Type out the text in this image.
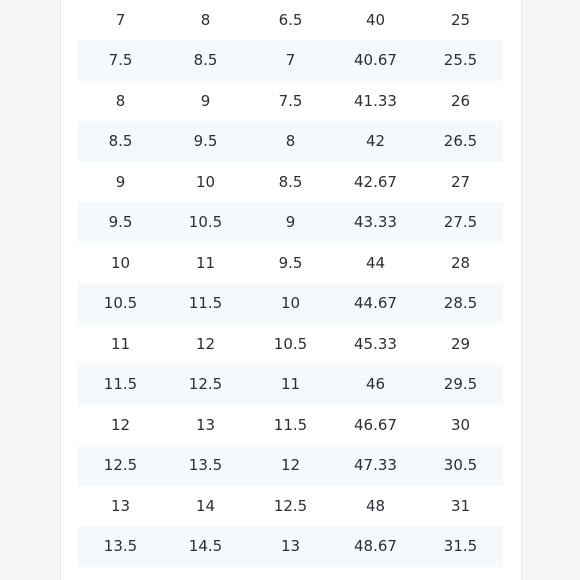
7	8	6.5	40	25
7.5	8.5	7	40.67	25.5
8	9	7.5	41.33	26
8.5	9.5	8	42	26.5
9	10	8.5	42.67	27
9.5	10.5	9	43.33	27.5
10	11	9.5	44	28
10.5	11.5	10	44.67	28.5
11	12	10.5	45.33	29
11.5	12.5	11	46	29.5
12	13	11.5	46.67	30
12.5	13.5	12	47.33	30.5
13	14	12.5	48	31
13.5	14.5	13	48.67	31.5
